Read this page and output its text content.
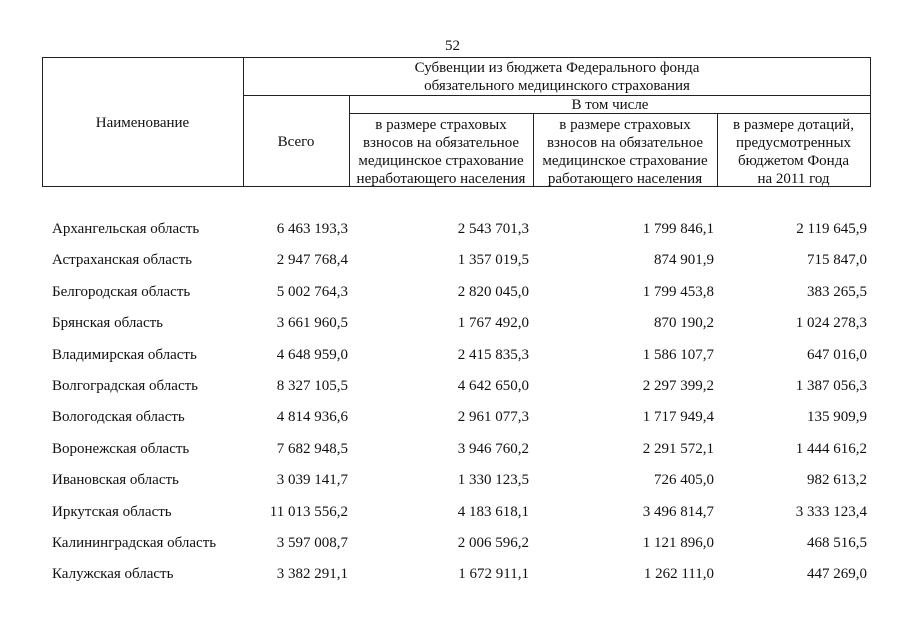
52
Наименование
Субвенции из бюджета Федерального фонда
обязательного медицинского страхования
Всего
В том числе
в размере страховых
взносов на обязательное
медицинское страхование
неработающего населения
в размере страховых
взносов на обязательное
медицинское страхование
работающего населения
в размере дотаций,
предусмотренных
бюджетом Фонда
на 2011 год
Архангельская область	6 463 193,3	2 543 701,3	1 799 846,1	2 119 645,9
Астраханская область	2 947 768,4	1 357 019,5	874 901,9	715 847,0
Белгородская область	5 002 764,3	2 820 045,0	1 799 453,8	383 265,5
Брянская область	3 661 960,5	1 767 492,0	870 190,2	1 024 278,3
Владимирская область	4 648 959,0	2 415 835,3	1 586 107,7	647 016,0
Волгоградская область	8 327 105,5	4 642 650,0	2 297 399,2	1 387 056,3
Вологодская область	4 814 936,6	2 961 077,3	1 717 949,4	135 909,9
Воронежская область	7 682 948,5	3 946 760,2	2 291 572,1	1 444 616,2
Ивановская область	3 039 141,7	1 330 123,5	726 405,0	982 613,2
Иркутская область	11 013 556,2	4 183 618,1	3 496 814,7	3 333 123,4
Калининградская область	3 597 008,7	2 006 596,2	1 121 896,0	468 516,5
Калужская область	3 382 291,1	1 672 911,1	1 262 111,0	447 269,0
